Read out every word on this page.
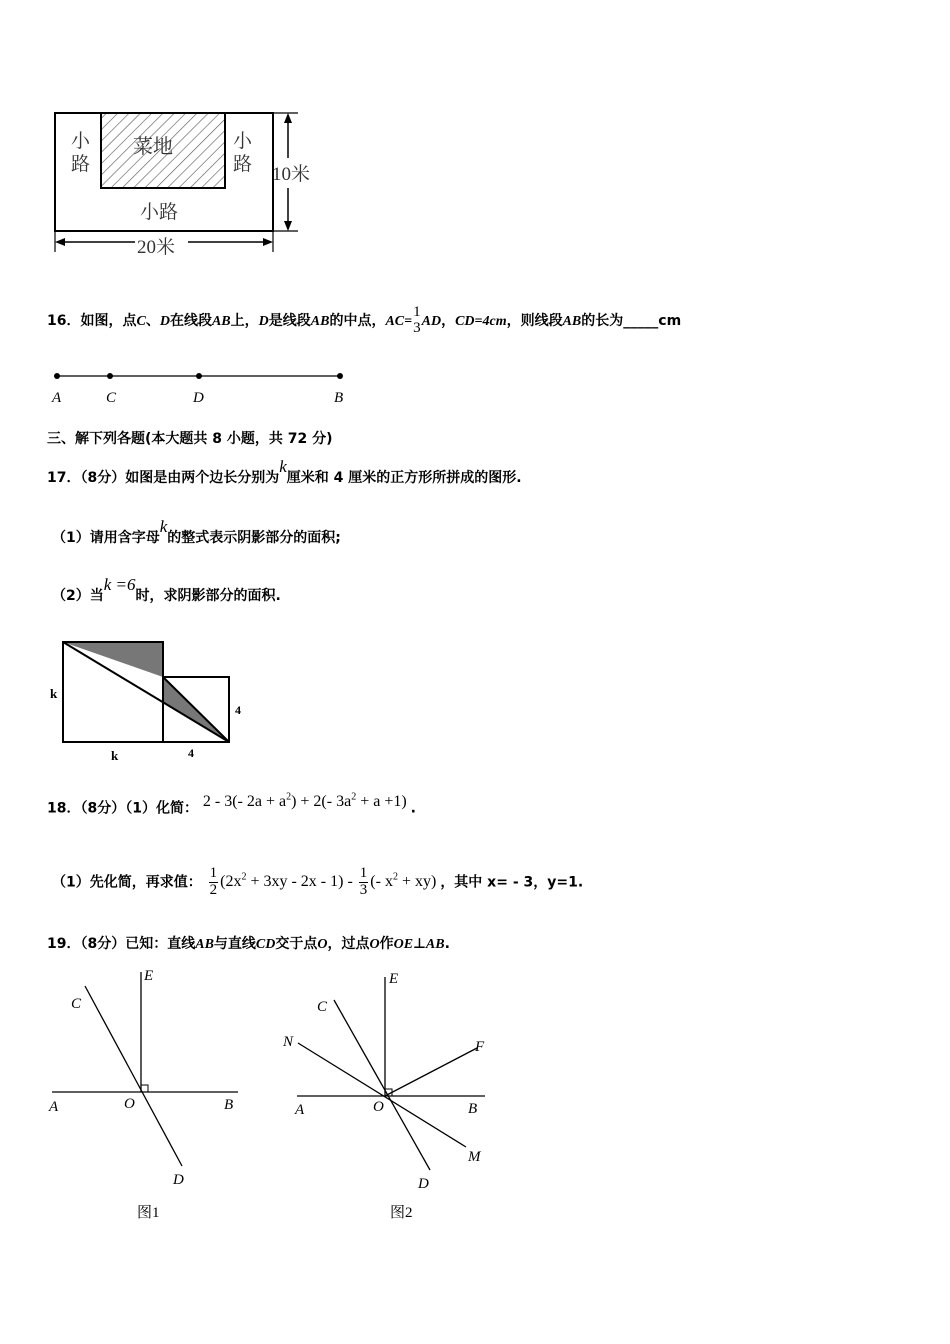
菜地
小
路
小
路
小路
10米
20米
16．如图，点C、D在线段AB上，D是线段AB的中点，AC=
1
3 AD，CD=4cm，则线段AB的长为_____cm
A	C	D	B
三、解下列各题(本大题共 8 小题，共 72 分)
17．（8分）如图是由两个边长分别为k厘米和 4 厘米的正方形所拼成的图形.
（1）请用含字母k的整式表示阴影部分的面积;
（2）当k =6时，求阴影部分的面积.
k
k
4
4
18．（8分）（1）化简： 2 - 3(- $2a + a^2) + 2(-$ $3a^2 + a +1$) .
（1）先化简，再求值： $\frac{1}{2} (2x^2 + 3xy - 2x - 1) - \frac{1}{3}$ (- $x^2 + xy$) ，其中 x= - 3，y=1.
19．（8分）已知：直线AB与直线CD交于点O，过点O作OE⊥AB.
E
C
A	O	B
D
图1
E
C
N	F
A	O	B
M
D
图2
